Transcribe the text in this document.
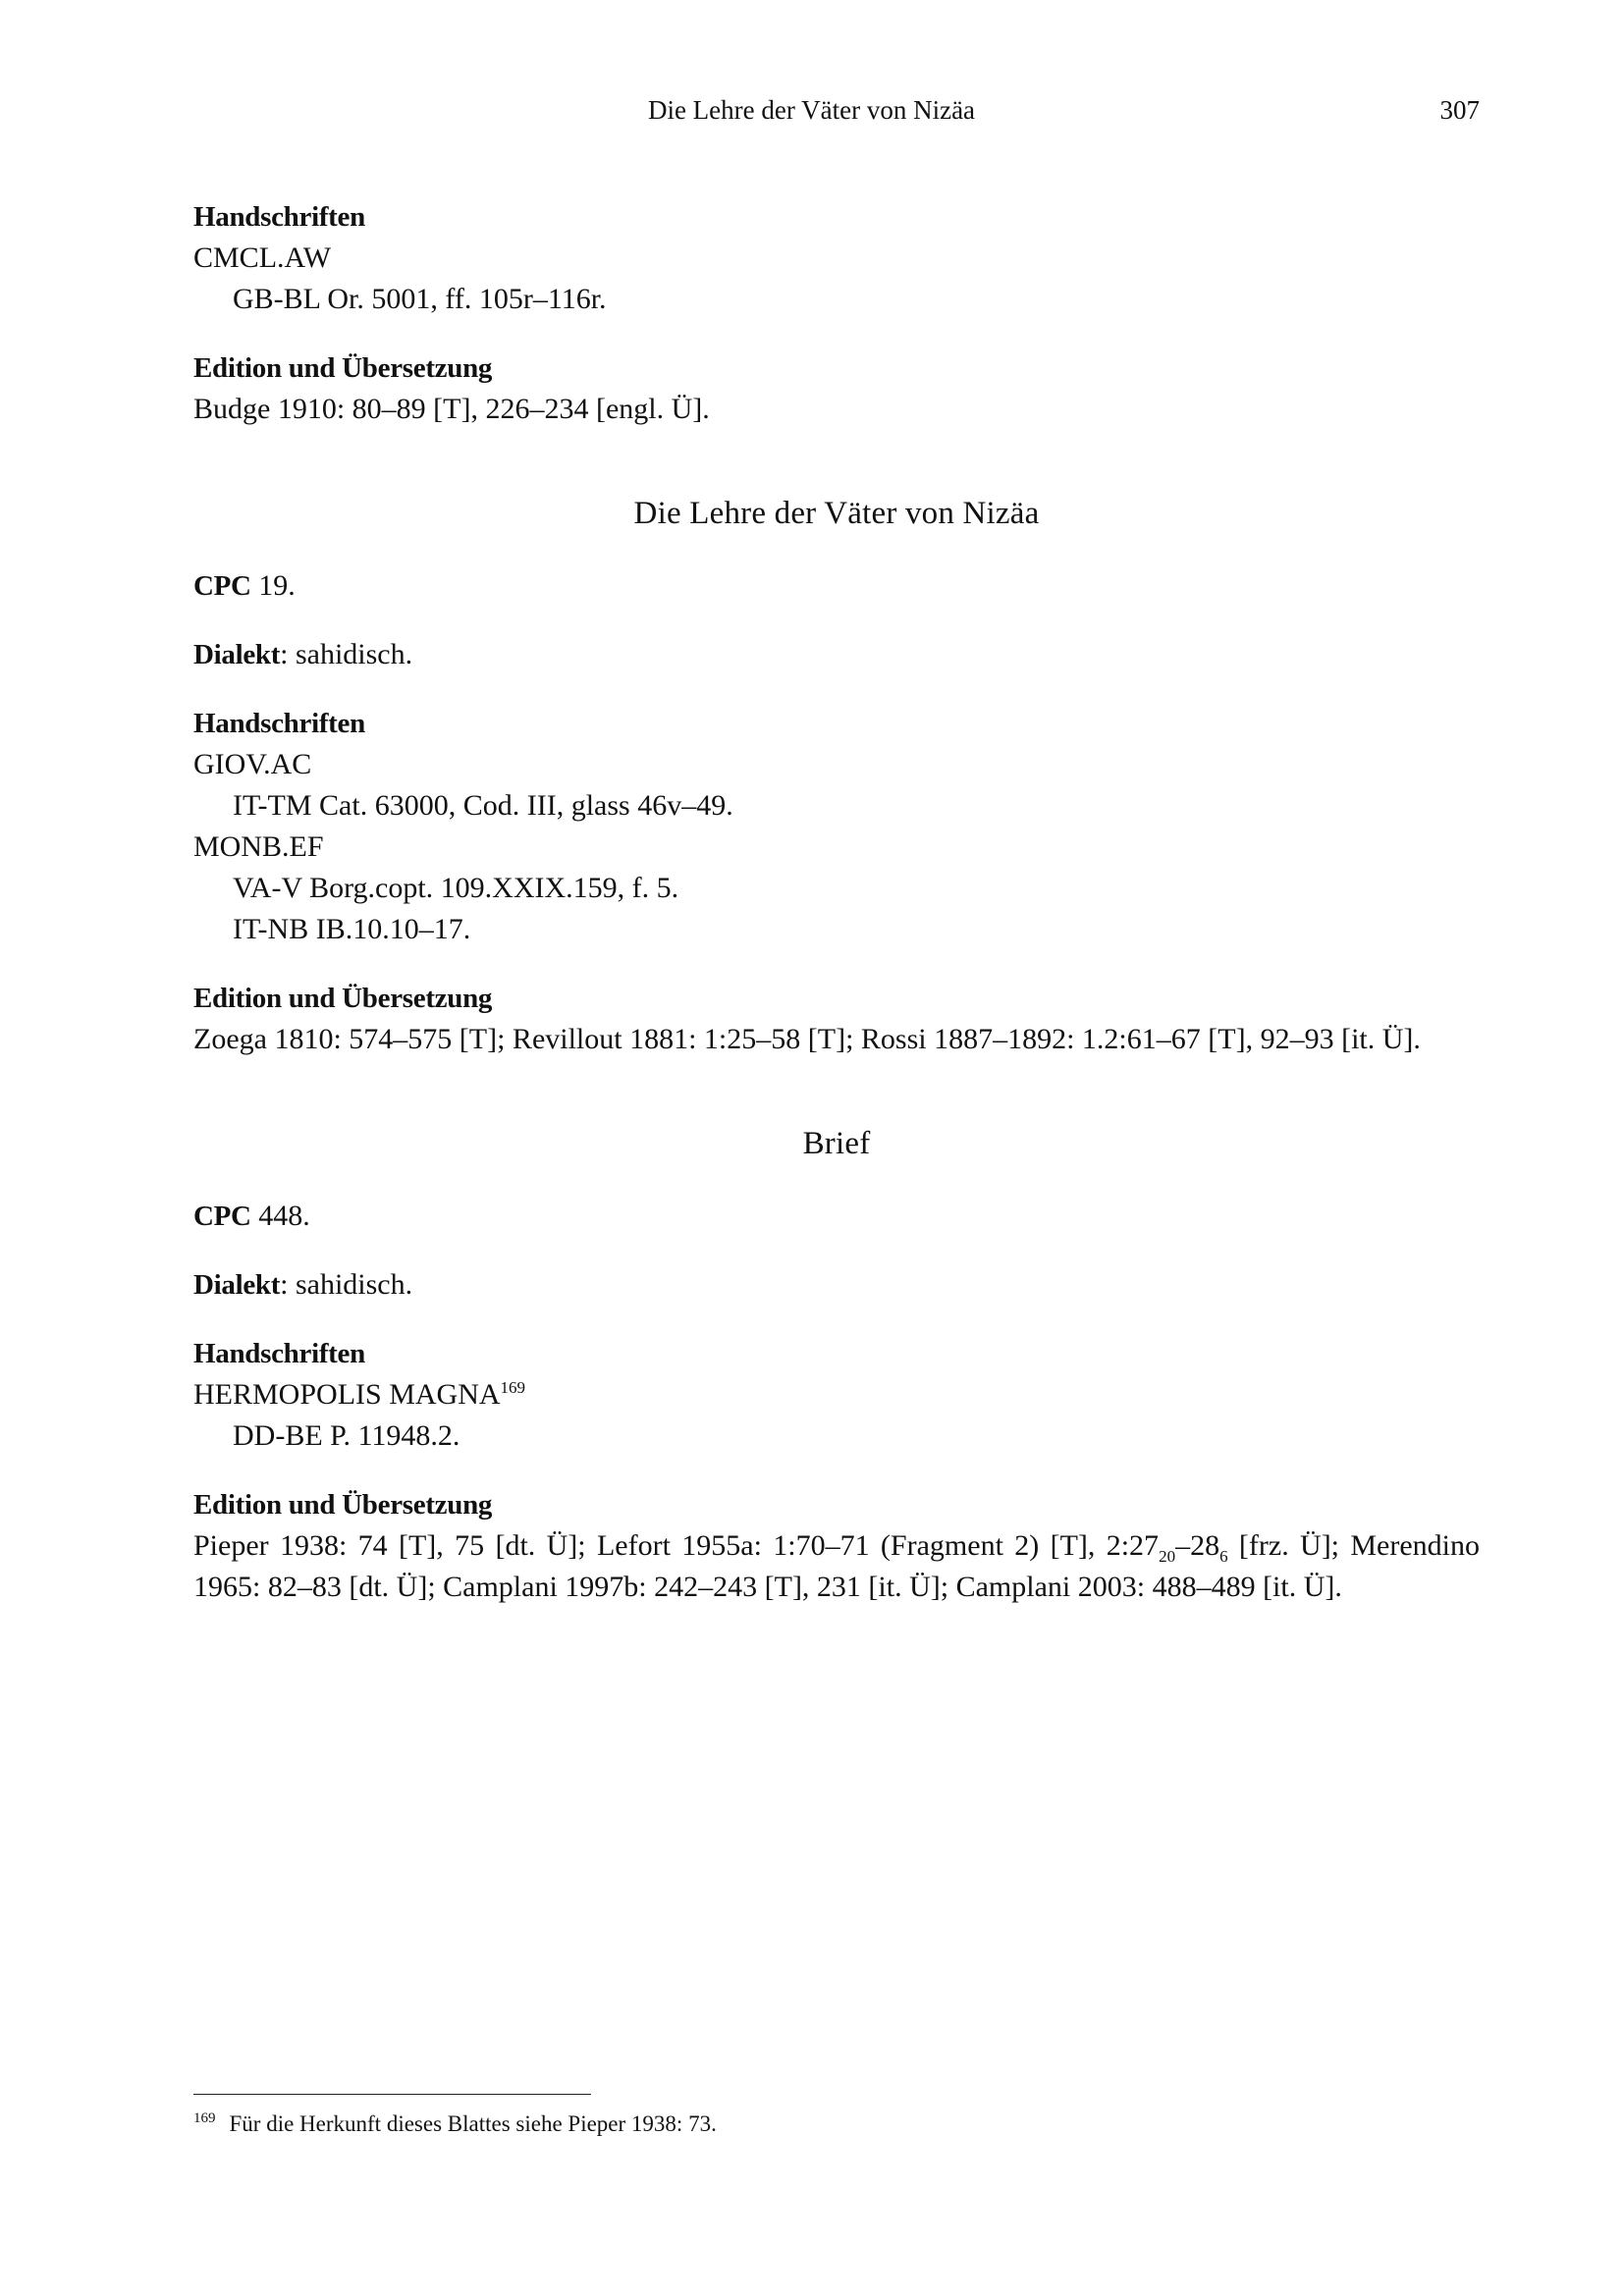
Die Lehre der Väter von Nizäa	307
Handschriften
CMCL.AW
GB-BL Or. 5001, ff. 105r–116r.
Edition und Übersetzung
Budge 1910: 80–89 [T], 226–234 [engl. Ü].
Die Lehre der Väter von Nizäa
CPC 19.
Dialekt: sahidisch.
Handschriften
GIOV.AC
IT-TM Cat. 63000, Cod. III, glass 46v–49.
MONB.EF
VA-V Borg.copt. 109.XXIX.159, f. 5.
IT-NB IB.10.10–17.
Edition und Übersetzung
Zoega 1810: 574–575 [T]; Revillout 1881: 1:25–58 [T]; Rossi 1887–1892: 1.2:61–67 [T], 92–93 [it. Ü].
Brief
CPC 448.
Dialekt: sahidisch.
Handschriften
HERMOPOLIS MAGNA$^{169}$
DD-BE P. 11948.2.
Edition und Übersetzung
Pieper 1938: 74 [T], 75 [dt. Ü]; Lefort 1955a: 1:70–71 (Fragment 2) [T], $2:27_{20}-28_6$ [frz. Ü]; Merendino 1965: 82–83 [dt. Ü]; Camplani 1997b: 242–243 [T], 231 [it. Ü]; Camplani 2003: 488–489 [it. Ü].
$^{169}$ Für die Herkunft dieses Blattes siehe Pieper 1938: 73.
